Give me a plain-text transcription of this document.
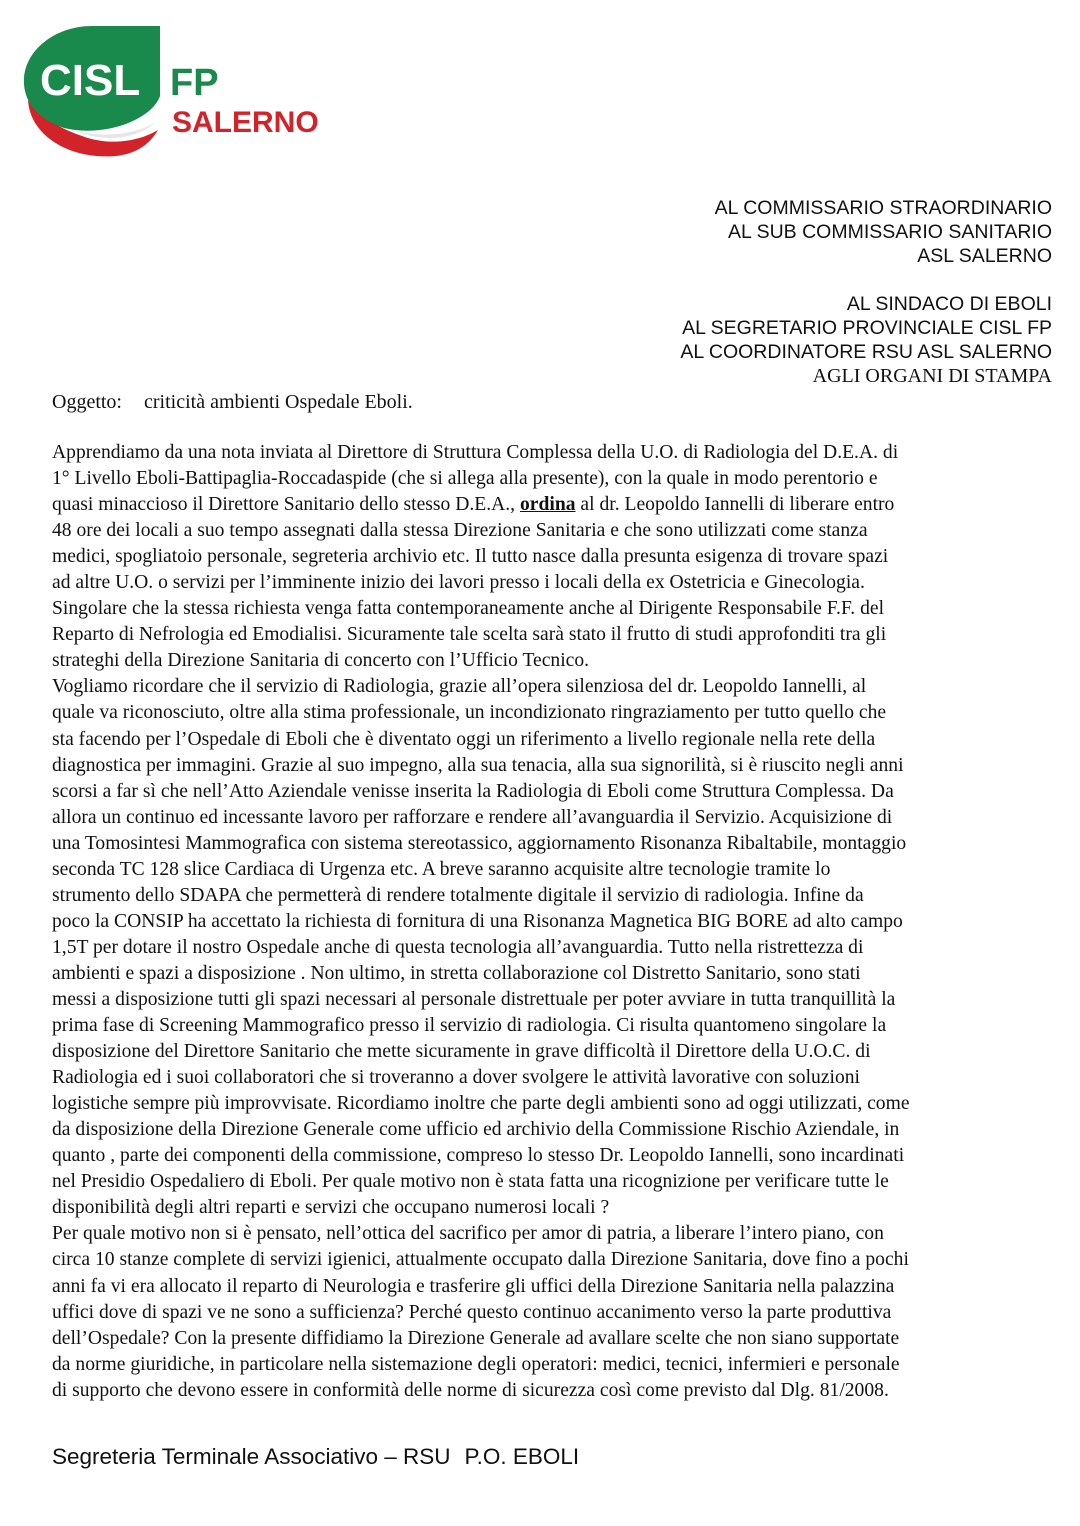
CISL FP
SALERNO
AL COMMISSARIO STRAORDINARIO
AL SUB COMMISSARIO SANITARIO
ASL SALERNO
AL SINDACO DI EBOLI
AL SEGRETARIO PROVINCIALE CISL FP
AL COORDINATORE RSU ASL SALERNO
AGLI ORGANI DI STAMPA
Oggetto: criticità ambienti Ospedale Eboli.
Apprendiamo da una nota inviata al Direttore di Struttura Complessa della U.O. di Radiologia del D.E.A. di
1° Livello Eboli-Battipaglia-Roccadaspide (che si allega alla presente), con la quale in modo perentorio e
quasi minaccioso il Direttore Sanitario dello stesso D.E.A., ordina al dr. Leopoldo Iannelli di liberare entro
48 ore dei locali a suo tempo assegnati dalla stessa Direzione Sanitaria e che sono utilizzati come stanza
medici, spogliatoio personale, segreteria archivio etc. Il tutto nasce dalla presunta esigenza di trovare spazi
ad altre U.O. o servizi per l’imminente inizio dei lavori presso i locali della ex Ostetricia e Ginecologia.
Singolare che la stessa richiesta venga fatta contemporaneamente anche al Dirigente Responsabile F.F. del
Reparto di Nefrologia ed Emodialisi. Sicuramente tale scelta sarà stato il frutto di studi approfonditi tra gli
strateghi della Direzione Sanitaria di concerto con l’Ufficio Tecnico.
Vogliamo ricordare che il servizio di Radiologia, grazie all’opera silenziosa del dr. Leopoldo Iannelli, al
quale va riconosciuto, oltre alla stima professionale, un incondizionato ringraziamento per tutto quello che
sta facendo per l’Ospedale di Eboli che è diventato oggi un riferimento a livello regionale nella rete della
diagnostica per immagini. Grazie al suo impegno, alla sua tenacia, alla sua signorilità, si è riuscito negli anni
scorsi a far sì che nell’Atto Aziendale venisse inserita la Radiologia di Eboli come Struttura Complessa. Da
allora un continuo ed incessante lavoro per rafforzare e rendere all’avanguardia il Servizio. Acquisizione di
una Tomosintesi Mammografica con sistema stereotassico, aggiornamento Risonanza Ribaltabile, montaggio
seconda TC 128 slice Cardiaca di Urgenza etc. A breve saranno acquisite altre tecnologie tramite lo
strumento dello SDAPA che permetterà di rendere totalmente digitale il servizio di radiologia. Infine da
poco la CONSIP ha accettato la richiesta di fornitura di una Risonanza Magnetica BIG BORE ad alto campo
1,5T per dotare il nostro Ospedale anche di questa tecnologia all’avanguardia. Tutto nella ristrettezza di
ambienti e spazi a disposizione . Non ultimo, in stretta collaborazione col Distretto Sanitario, sono stati
messi a disposizione tutti gli spazi necessari al personale distrettuale per poter avviare in tutta tranquillità la
prima fase di Screening Mammografico presso il servizio di radiologia. Ci risulta quantomeno singolare la
disposizione del Direttore Sanitario che mette sicuramente in grave difficoltà il Direttore della U.O.C. di
Radiologia ed i suoi collaboratori che si troveranno a dover svolgere le attività lavorative con soluzioni
logistiche sempre più improvvisate. Ricordiamo inoltre che parte degli ambienti sono ad oggi utilizzati, come
da disposizione della Direzione Generale come ufficio ed archivio della Commissione Rischio Aziendale, in
quanto , parte dei componenti della commissione, compreso lo stesso Dr. Leopoldo Iannelli, sono incardinati
nel Presidio Ospedaliero di Eboli. Per quale motivo non è stata fatta una ricognizione per verificare tutte le
disponibilità degli altri reparti e servizi che occupano numerosi locali ?
Per quale motivo non si è pensato, nell’ottica del sacrifico per amor di patria, a liberare l’intero piano, con
circa 10 stanze complete di servizi igienici, attualmente occupato dalla Direzione Sanitaria, dove fino a pochi
anni fa vi era allocato il reparto di Neurologia e trasferire gli uffici della Direzione Sanitaria nella palazzina
uffici dove di spazi ve ne sono a sufficienza? Perché questo continuo accanimento verso la parte produttiva
dell’Ospedale? Con la presente diffidiamo la Direzione Generale ad avallare scelte che non siano supportate
da norme giuridiche, in particolare nella sistemazione degli operatori: medici, tecnici, infermieri e personale
di supporto che devono essere in conformità delle norme di sicurezza così come previsto dal Dlg. 81/2008.
Segreteria Terminale Associativo – RSU P.O. EBOLI
